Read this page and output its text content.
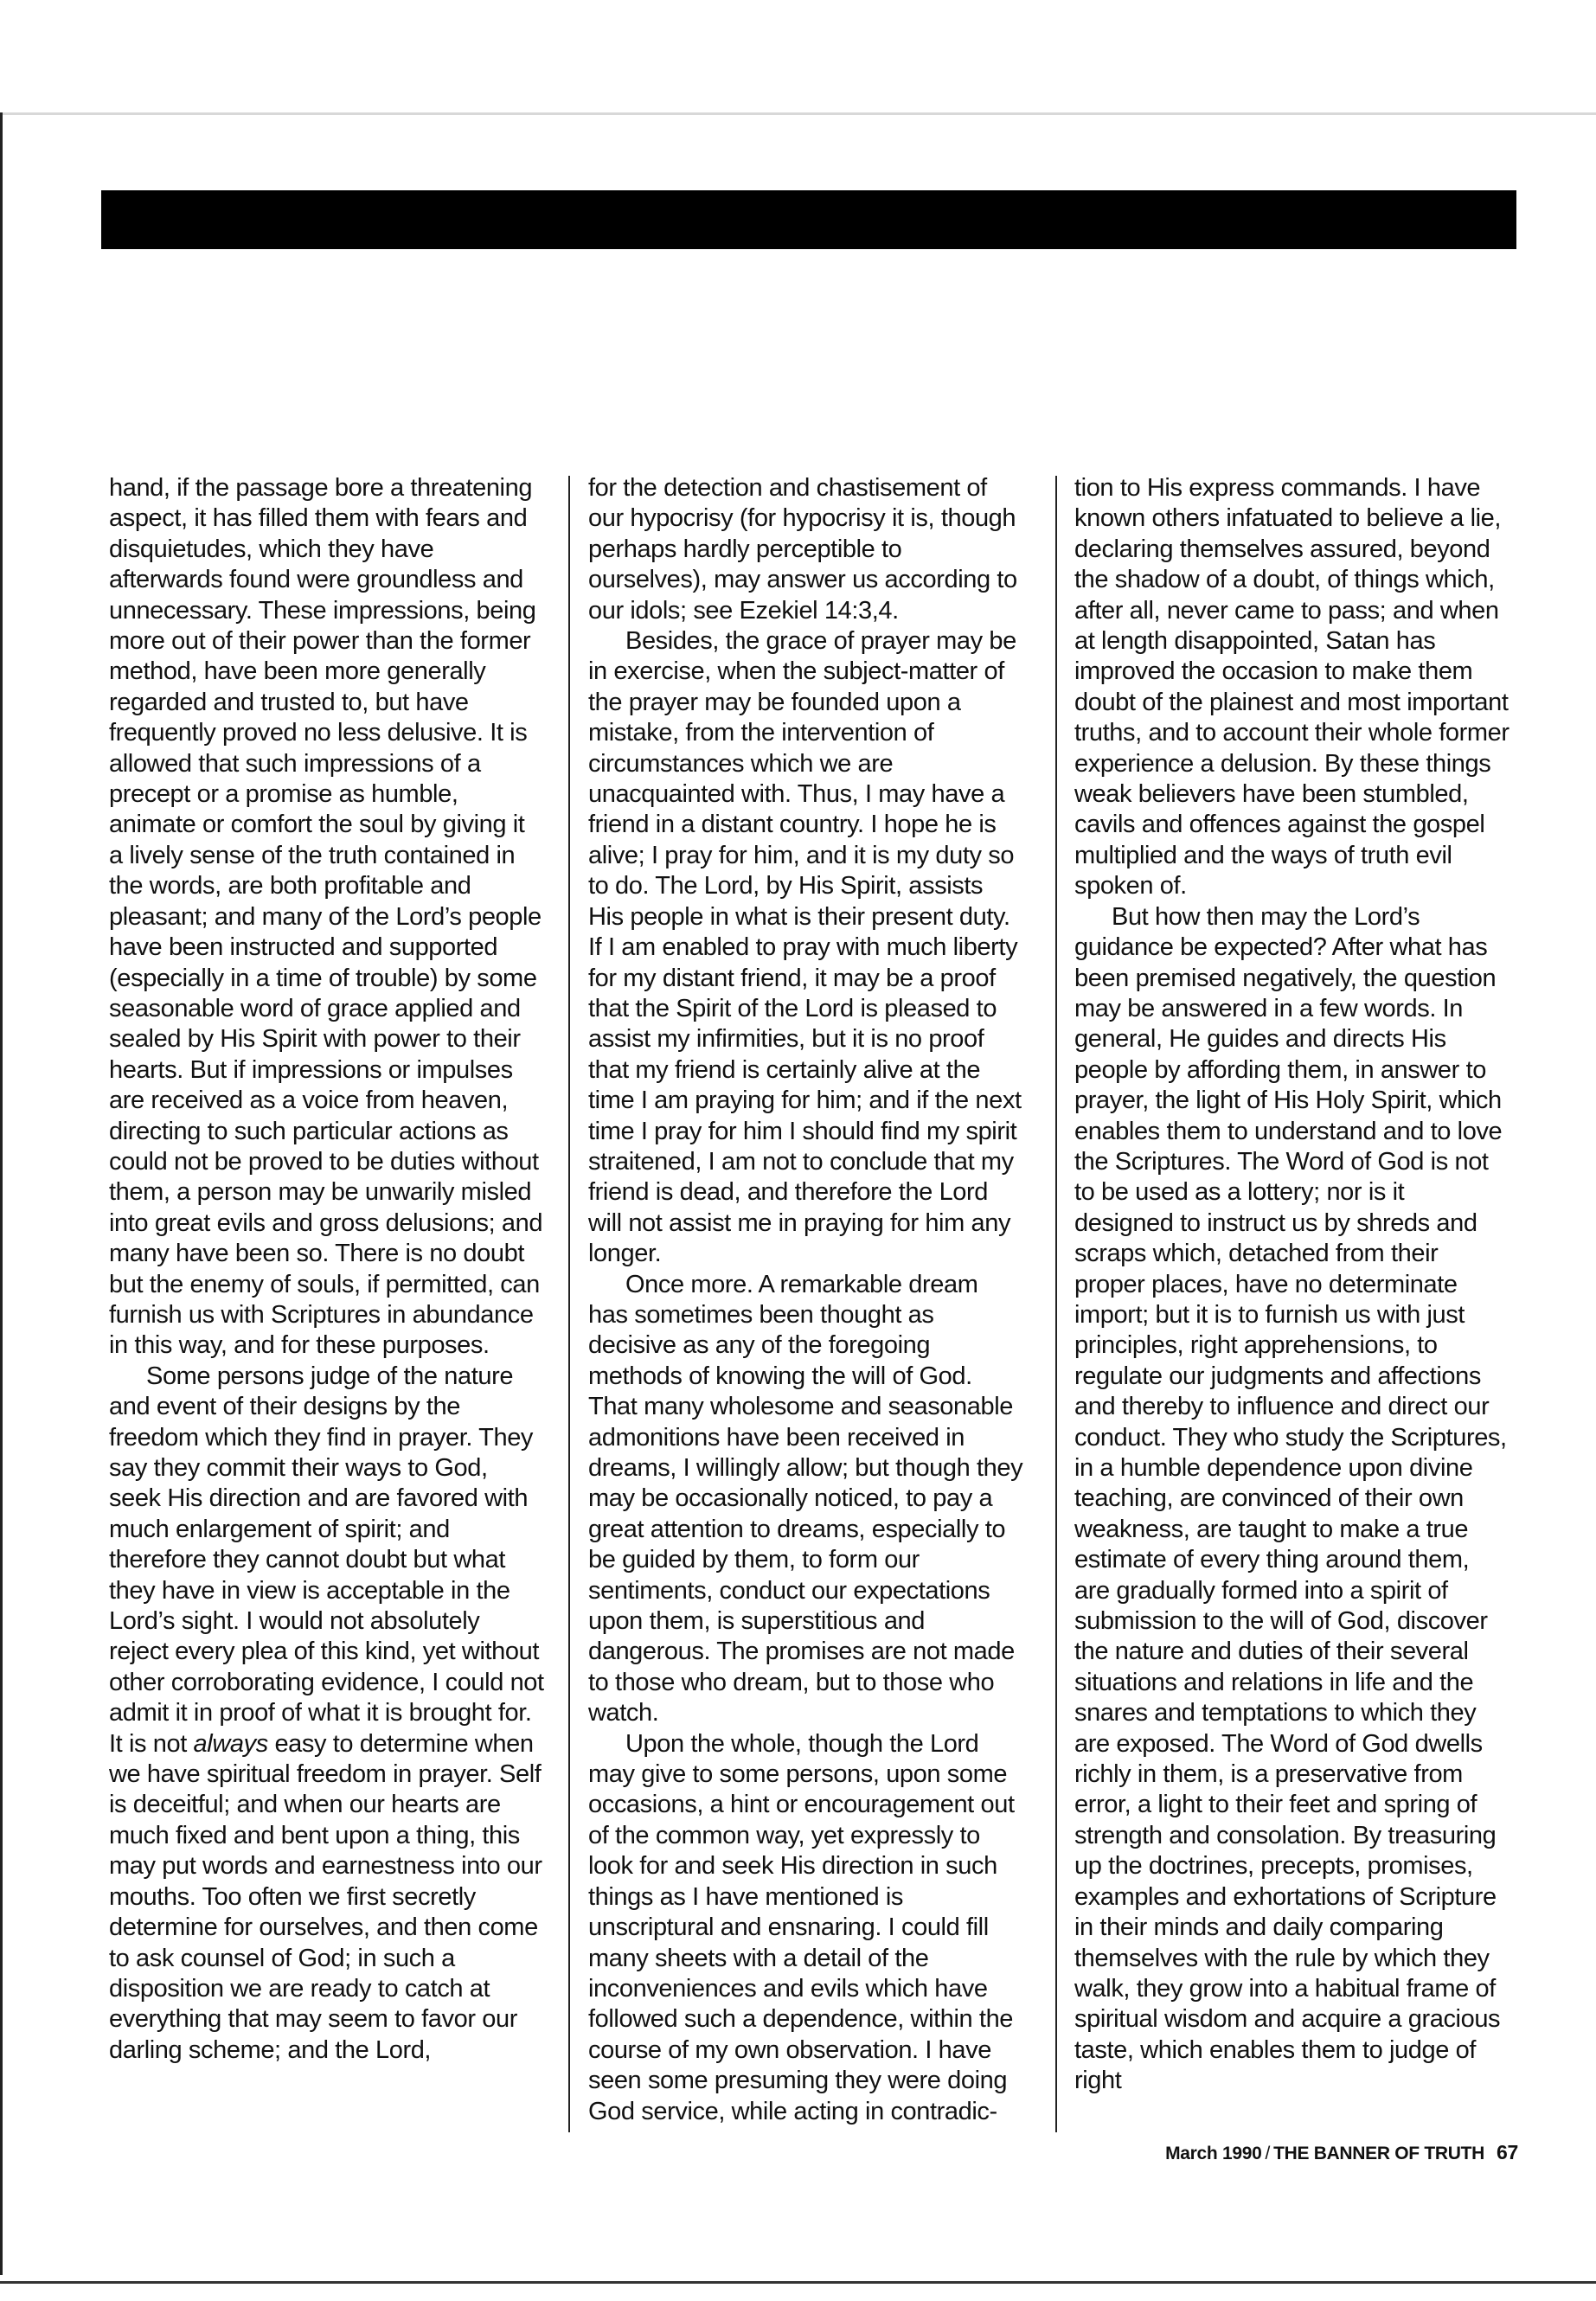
hand, if the passage bore a threatening aspect, it has filled them with fears and disquietudes, which they have afterwards found were groundless and unnecessary. These impressions, being more out of their power than the former method, have been more generally regarded and trusted to, but have frequently proved no less delusive. It is allowed that such impressions of a precept or a promise as humble, animate or comfort the soul by giving it a lively sense of the truth contained in the words, are both profitable and pleasant; and many of the Lord’s people have been instructed and supported (especially in a time of trouble) by some seasonable word of grace applied and sealed by His Spirit with power to their hearts. But if impressions or impulses are received as a voice from heaven, directing to such particular actions as could not be proved to be duties without them, a person may be unwarily misled into great evils and gross delusions; and many have been so. There is no doubt but the enemy of souls, if permitted, can furnish us with Scriptures in abundance in this way, and for these purposes.

Some persons judge of the nature and event of their designs by the freedom which they find in prayer. They say they commit their ways to God, seek His direction and are favored with much enlargement of spirit; and therefore they cannot doubt but what they have in view is acceptable in the Lord’s sight. I would not absolutely reject every plea of this kind, yet without other corroborating evidence, I could not admit it in proof of what it is brought for. It is not always easy to determine when we have spiritual freedom in prayer. Self is deceitful; and when our hearts are much fixed and bent upon a thing, this may put words and earnestness into our mouths. Too often we first secretly determine for ourselves, and then come to ask counsel of God; in such a disposition we are ready to catch at everything that may seem to favor our darling scheme; and the Lord,

for the detection and chastisement of our hypocrisy (for hypocrisy it is, though perhaps hardly perceptible to ourselves), may answer us according to our idols; see Ezekiel 14:3,4.

Besides, the grace of prayer may be in exercise, when the subject-matter of the prayer may be founded upon a mistake, from the intervention of circumstances which we are unacquainted with. Thus, I may have a friend in a distant country. I hope he is alive; I pray for him, and it is my duty so to do. The Lord, by His Spirit, assists His people in what is their present duty. If I am enabled to pray with much liberty for my distant friend, it may be a proof that the Spirit of the Lord is pleased to assist my infirmities, but it is no proof that my friend is certainly alive at the time I am praying for him; and if the next time I pray for him I should find my spirit straitened, I am not to conclude that my friend is dead, and therefore the Lord will not assist me in praying for him any longer.

Once more. A remarkable dream has sometimes been thought as decisive as any of the foregoing methods of knowing the will of God. That many wholesome and seasonable admonitions have been received in dreams, I willingly allow; but though they may be occasionally noticed, to pay a great attention to dreams, especially to be guided by them, to form our sentiments, conduct our expectations upon them, is superstitious and dangerous. The promises are not made to those who dream, but to those who watch.

Upon the whole, though the Lord may give to some persons, upon some occasions, a hint or encouragement out of the common way, yet expressly to look for and seek His direction in such things as I have mentioned is unscriptural and ensnaring. I could fill many sheets with a detail of the inconveniences and evils which have followed such a dependence, within the course of my own observation. I have seen some presuming they were doing God service, while acting in contradic-

tion to His express commands. I have known others infatuated to believe a lie, declaring themselves assured, beyond the shadow of a doubt, of things which, after all, never came to pass; and when at length disappointed, Satan has improved the occasion to make them doubt of the plainest and most important truths, and to account their whole former experience a delusion. By these things weak believers have been stumbled, cavils and offences against the gospel multiplied and the ways of truth evil spoken of.

But how then may the Lord’s guidance be expected? After what has been premised negatively, the question may be answered in a few words. In general, He guides and directs His people by affording them, in answer to prayer, the light of His Holy Spirit, which enables them to understand and to love the Scriptures. The Word of God is not to be used as a lottery; nor is it designed to instruct us by shreds and scraps which, detached from their proper places, have no determinate import; but it is to furnish us with just principles, right apprehensions, to regulate our judgments and affections and thereby to influence and direct our conduct. They who study the Scriptures, in a humble dependence upon divine teaching, are convinced of their own weakness, are taught to make a true estimate of every thing around them, are gradually formed into a spirit of submission to the will of God, discover the nature and duties of their several situations and relations in life and the snares and temptations to which they are exposed. The Word of God dwells richly in them, is a preservative from error, a light to their feet and spring of strength and consolation. By treasuring up the doctrines, precepts, promises, examples and exhortations of Scripture in their minds and daily comparing themselves with the rule by which they walk, they grow into a habitual frame of spiritual wisdom and acquire a gracious taste, which enables them to judge of right

March 1990 / THE BANNER OF TRUTH 67
